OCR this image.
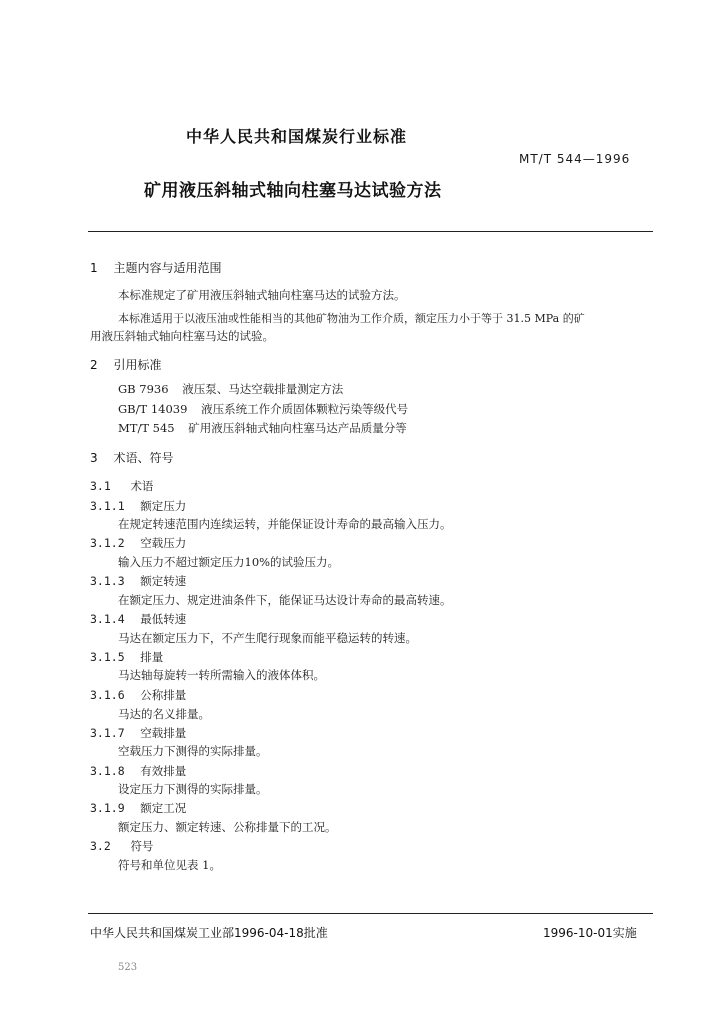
中华人民共和国煤炭行业标准
MT/T 544—1996
矿用液压斜轴式轴向柱塞马达试验方法
1 主题内容与适用范围
本标准规定了矿用液压斜轴式轴向柱塞马达的试验方法。
本标准适用于以液压油或性能相当的其他矿物油为工作介质，额定压力小于等于 31.5 MPa 的矿
用液压斜轴式轴向柱塞马达的试验。
2 引用标准
GB 7936 液压泵、马达空载排量测定方法
GB/T 14039 液压系统工作介质固体颗粒污染等级代号
MT/T 545 矿用液压斜轴式轴向柱塞马达产品质量分等
3 术语、符号
3.1 术语
3.1.1 额定压力
在规定转速范围内连续运转，并能保证设计寿命的最高输入压力。
3.1.2 空载压力
输入压力不超过额定压力10%的试验压力。
3.1.3 额定转速
在额定压力、规定进油条件下，能保证马达设计寿命的最高转速。
3.1.4 最低转速
马达在额定压力下，不产生爬行现象而能平稳运转的转速。
3.1.5 排量
马达轴每旋转一转所需输入的液体体积。
3.1.6 公称排量
马达的名义排量。
3.1.7 空载排量
空载压力下测得的实际排量。
3.1.8 有效排量
设定压力下测得的实际排量。
3.1.9 额定工况
额定压力、额定转速、公称排量下的工况。
3.2 符号
符号和单位见表 1。
中华人民共和国煤炭工业部1996-04-18批准	1996-10-01实施
523
